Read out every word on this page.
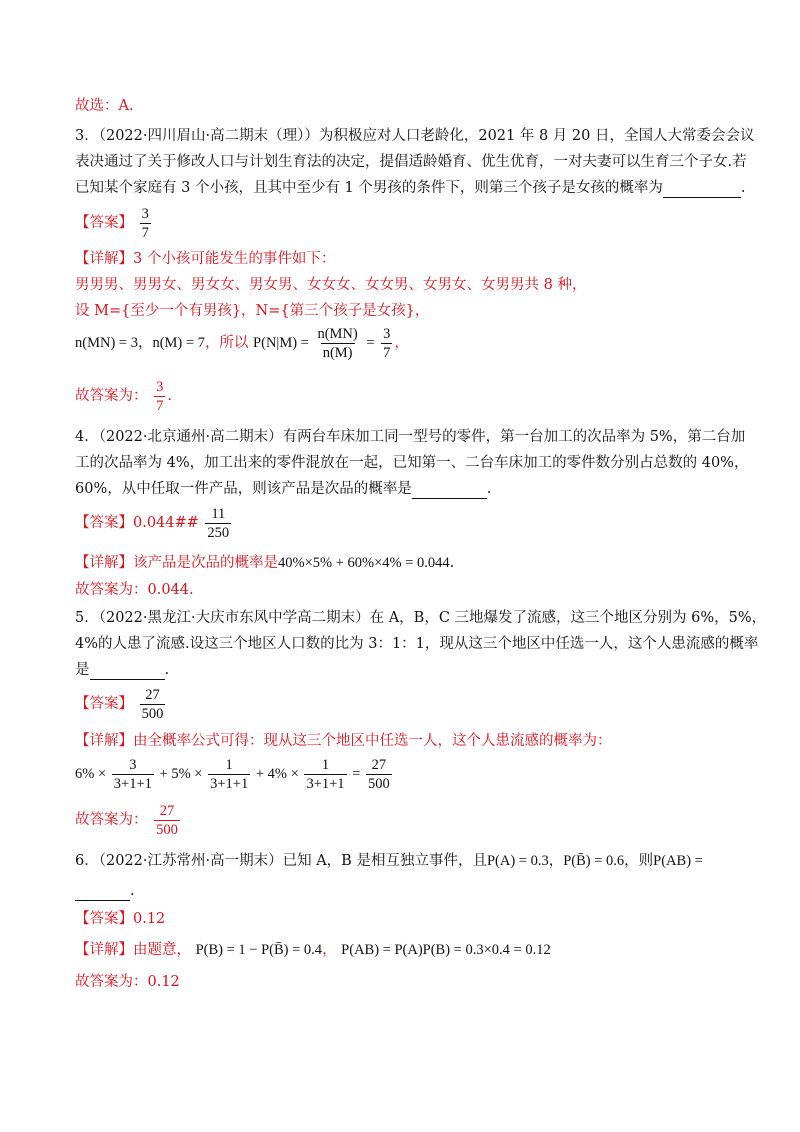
故选：A.
3．（2022·四川眉山·高二期末（理））为积极应对人口老龄化，2021 年 8 月 20 日，全国人大常委会会议
表决通过了关于修改人口与计划生育法的决定，提倡适龄婚育、优生优育，一对夫妻可以生育三个子女.若
已知某个家庭有 3 个小孩，且其中至少有 1 个男孩的条件下，则第三个孩子是女孩的概率为	.
【答案】 $\frac{3}{7}$
【详解】3 个小孩可能发生的事件如下：
男男男、男男女、男女女、男女男、女女女、女女男、女男女、女男男共 8 种，
设 M={至少一个有男孩}，N={第三个孩子是女孩}，
n(MN) = 3，n(M) = 7，所以 $P(N|M) = \frac{n(MN)}{n(M)} = \frac{3}{7}$ ，
故答案为： $\frac{3}{7}$ .
4．（2022·北京通州·高二期末）有两台车床加工同一型号的零件，第一台加工的次品率为 5%，第二台加
工的次品率为 4%，加工出来的零件混放在一起，已知第一、二台车床加工的零件数分别占总数的 40%，
60%，从中任取一件产品，则该产品是次品的概率是	.
【答案】0.044## $\frac{11}{250}$
【详解】该产品是次品的概率是40%×5% + 60%×4% = 0.044.
故答案为：0.044.
5．（2022·黑龙江·大庆市东风中学高二期末）在 A，B，C 三地爆发了流感，这三个地区分别为 6%，5%，
4%的人患了流感.设这三个地区人口数的比为 3：1：1，现从这三个地区中任选一人，这个人患流感的概率
是	.
【答案】 $\frac{27}{500}$
【详解】由全概率公式可得：现从这三个地区中任选一人，这个人患流感的概率为：
$6\% \times \frac{3}{3+1+1} + 5\% \times \frac{1}{3+1+1} + 4\% \times \frac{1}{3+1+1} = \frac{27}{500}$
故答案为： $\frac{27}{500}$
6．（2022·江苏常州·高一期末）已知 A，B 是相互独立事件，且P(A) = 0.3，P(B̄) = 0.6，则P(AB) =
.
【答案】0.12
【详解】由题意， P(B) = 1 − P(B̄) = 0.4， P(AB) = P(A)P(B) = 0.3×0.4 = 0.12
故答案为：0.12
